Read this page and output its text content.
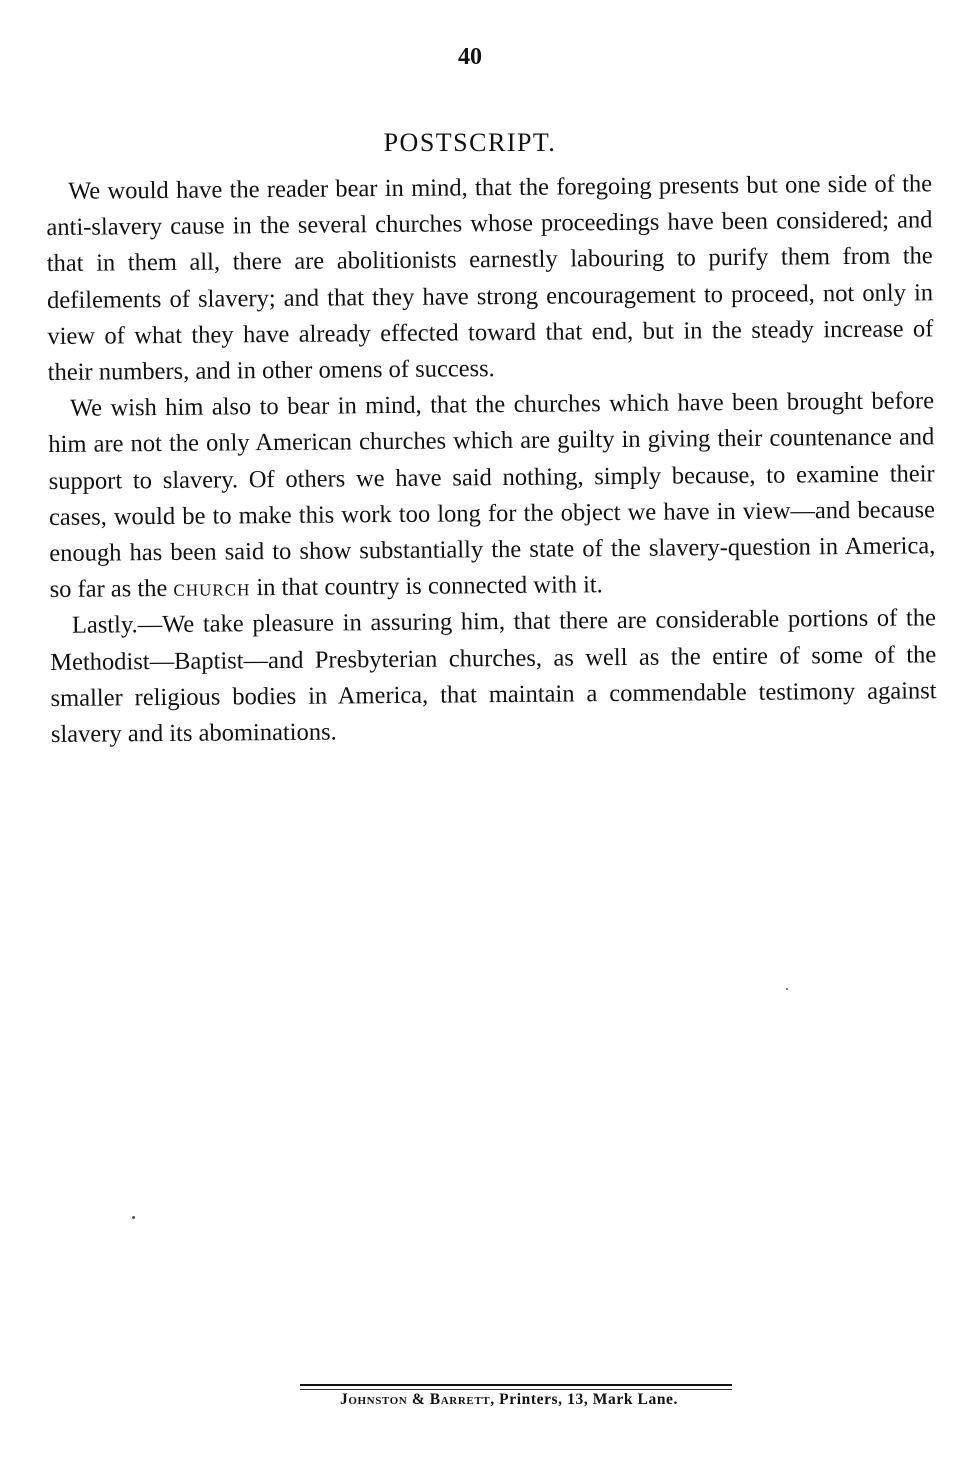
40
POSTSCRIPT.

We would have the reader bear in mind, that the foregoing presents but one side of the anti-slavery cause in the several churches whose proceedings have been considered; and that in them all, there are abolitionists earnestly labouring to purify them from the defilements of slavery; and that they have strong encouragement to proceed, not only in view of what they have already effected toward that end, but in the steady increase of their numbers, and in other omens of success.

We wish him also to bear in mind, that the churches which have been brought before him are not the only American churches which are guilty in giving their countenance and support to slavery. Of others we have said nothing, simply because, to examine their cases, would be to make this work too long for the object we have in view—and because enough has been said to show substantially the state of the slavery-question in America, so far as the church in that country is connected with it.

Lastly.—We take pleasure in assuring him, that there are considerable portions of the Methodist—Baptist—and Presbyterian churches, as well as the entire of some of the smaller religious bodies in America, that maintain a commendable testimony against slavery and its abominations.

Johnston & Barrett, Printers, 13, Mark Lane.
